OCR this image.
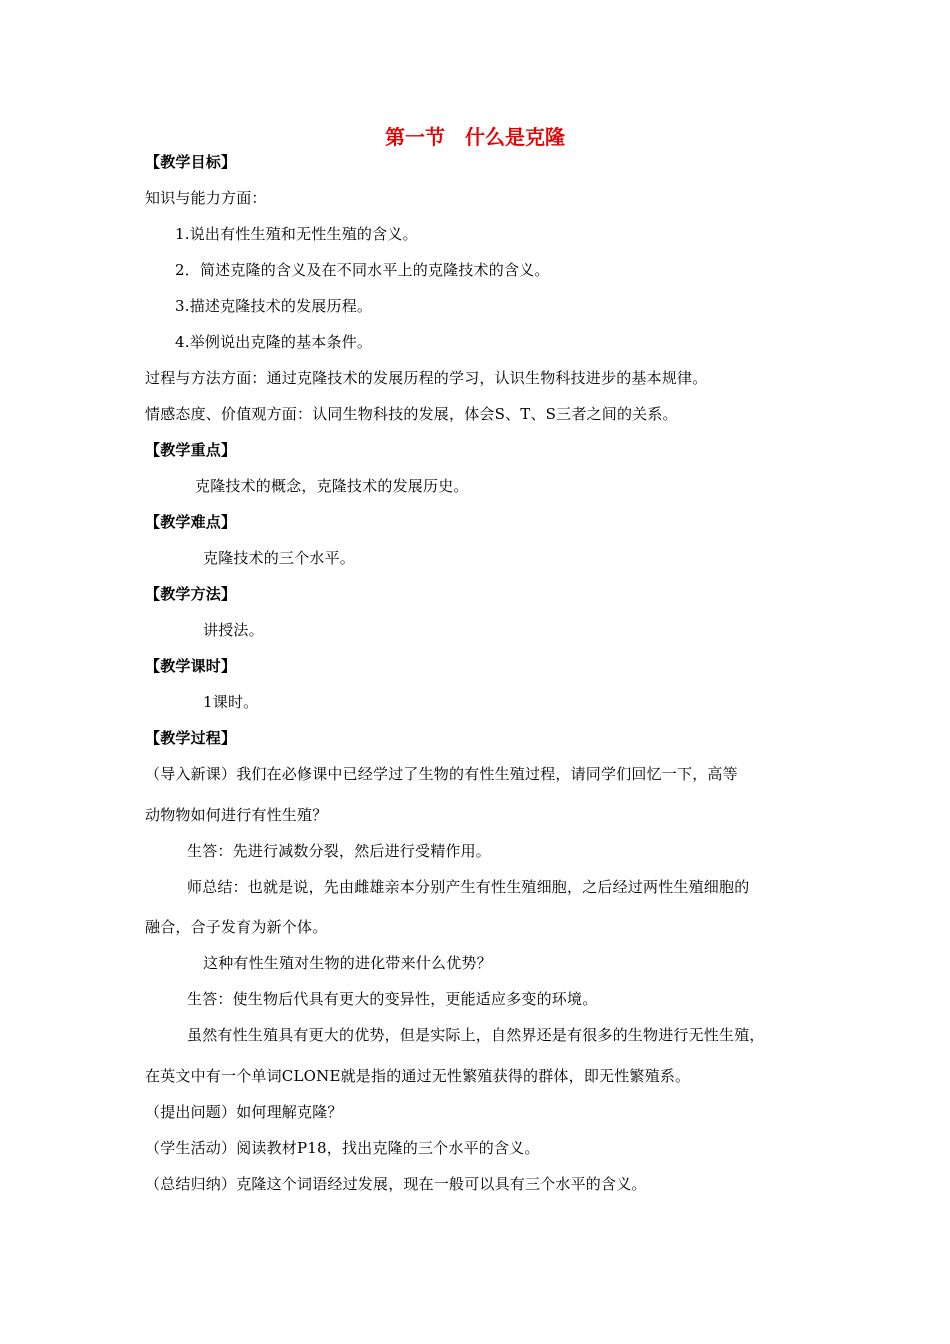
第一节　什么是克隆
【教学目标】
知识与能力方面：
1.说出有性生殖和无性生殖的含义。
2．简述克隆的含义及在不同水平上的克隆技术的含义。
3.描述克隆技术的发展历程。
4.举例说出克隆的基本条件。
过程与方法方面：通过克隆技术的发展历程的学习，认识生物科技进步的基本规律。
情感态度、价值观方面：认同生物科技的发展，体会S、T、S三者之间的关系。
【教学重点】
克隆技术的概念，克隆技术的发展历史。
【教学难点】
克隆技术的三个水平。
【教学方法】
讲授法。
【教学课时】
1课时。
【教学过程】
（导入新课）我们在必修课中已经学过了生物的有性生殖过程，请同学们回忆一下，高等
动物物如何进行有性生殖？
生答：先进行减数分裂，然后进行受精作用。
师总结：也就是说，先由雌雄亲本分别产生有性生殖细胞，之后经过两性生殖细胞的
融合，合子发育为新个体。
这种有性生殖对生物的进化带来什么优势？
生答：使生物后代具有更大的变异性，更能适应多变的环境。
虽然有性生殖具有更大的优势，但是实际上，自然界还是有很多的生物进行无性生殖，
在英文中有一个单词CLONE就是指的通过无性繁殖获得的群体，即无性繁殖系。
（提出问题）如何理解克隆？
（学生活动）阅读教材P18，找出克隆的三个水平的含义。
（总结归纳）克隆这个词语经过发展，现在一般可以具有三个水平的含义。
